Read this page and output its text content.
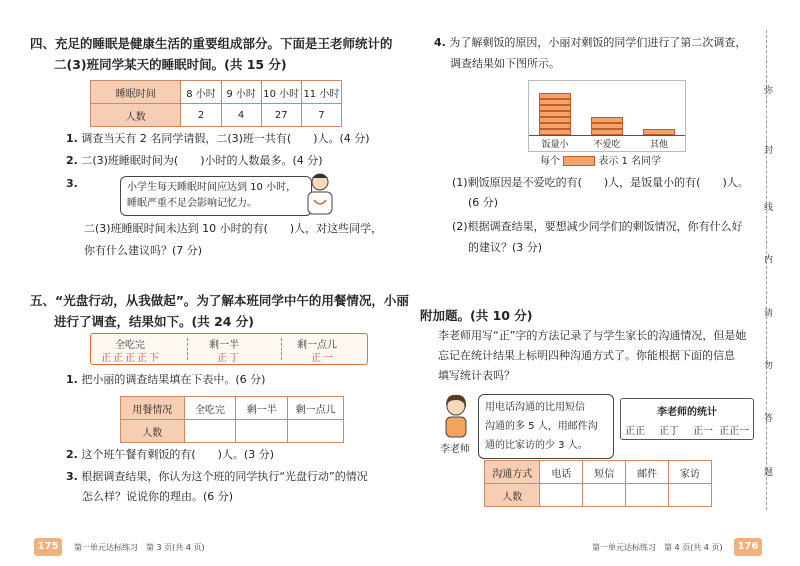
四、充足的睡眠是健康生活的重要组成部分。下面是王老师统计的
二(3)班同学某天的睡眠时间。(共 15 分)
睡眠时间	8 小时	9 小时	10 小时	11 小时
人数	2	4	27	7
1. 调查当天有 2 名同学请假，二(3)班一共有(　　)人。(4 分)
2. 二(3)班睡眠时间为(　　)小时的人数最多。(4 分)
3.	小学生每天睡眠时间应达到 10 小时，
睡眠严重不足会影响记忆力。
二(3)班睡眠时间未达到 10 小时的有(　　)人，对这些同学，
你有什么建议吗？(7 分)
五、“光盘行动，从我做起”。为了解本班同学中午的用餐情况，小丽
进行了调查，结果如下。(共 24 分)
全吃完
正正正正下
剩一半
正丁
剩一点儿
正一
1. 把小丽的调查结果填在下表中。(6 分)
用餐情况	全吃完	剩一半	剩一点儿
人数			
2. 这个班午餐有剩饭的有(　　)人。(3 分)
3. 根据调查结果，你认为这个班的同学执行“光盘行动”的情况
怎么样？说说你的理由。(6 分)
175	第一单元达标练习　第 3 页(共 4 页)
4. 为了解剩饭的原因，小丽对剩饭的同学们进行了第二次调查，
调查结果如下图所示。
饭量小	不爱吃	其他
每个	表示 1 名同学
(1)剩饭原因是不爱吃的有(　　)人，是饭量小的有(　　)人。
(6 分)
(2)根据调查结果，要想减少同学们的剩饭情况，你有什么好
的建议？(3 分)
附加题。(共 10 分)
李老师用写“正”字的方法记录了与学生家长的沟通情况，但是她
忘记在统计结果上标明四种沟通方式了。你能根据下面的信息
填写统计表吗？
李老师
用电话沟通的比用短信
沟通的多 5 人，用邮件沟
通的比家访的少 3 人。
李老师的统计
正正 正丁 正一 正正一
沟通方式	电话	短信	邮件	家访
人数				
弥
封
线
内
请
勿
答
题
第一单元达标练习　第 4 页(共 4 页)	176
